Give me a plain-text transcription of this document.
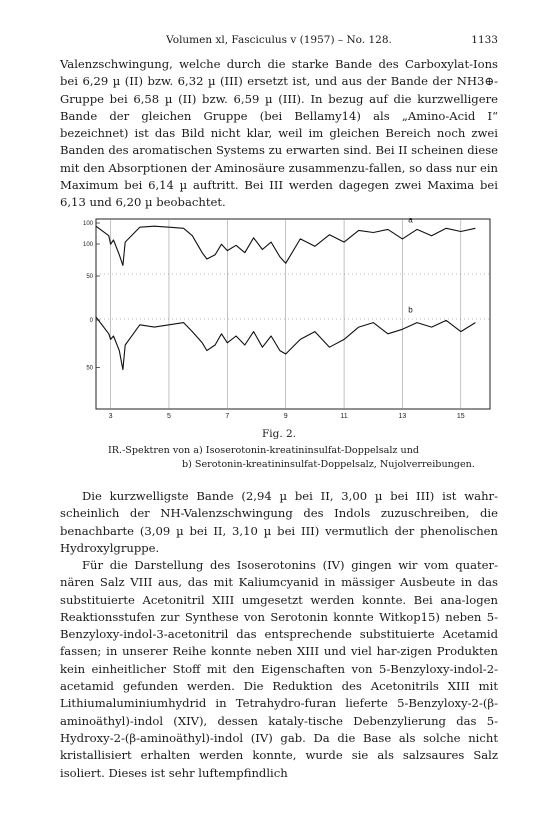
Volumen xl, Fasciculus v (1957) – No. 128.	1133

Valenzschwingung, welche durch die starke Bande des Carboxylat-Ions bei 6,29 µ (II) bzw. 6,32 µ (III) ersetzt ist, und aus der Bande der NH3⊕-Gruppe bei 6,58 µ (II) bzw. 6,59 µ (III). In bezug auf die kurzwelligere Bande der gleichen Gruppe (bei Bellamy14) als „Amino-Acid I“ bezeichnet) ist das Bild nicht klar, weil im gleichen Bereich noch zwei Banden des aromatischen Systems zu erwarten sind. Bei II scheinen diese mit den Absorptionen der Aminosäure zusammenzu-fallen, so dass nur ein Maximum bei 6,14 µ auftritt. Bei III werden dagegen zwei Maxima bei 6,13 und 6,20 µ beobachtet.

100
50
100
0
50
3	5	7	9	11	13	15
a
b
Fig. 2.
IR.-Spektren von a) Isoserotonin-kreatininsulfat-Doppelsalz und
b) Serotonin-kreatininsulfat-Doppelsalz, Nujolverreibungen.

Die kurzwelligste Bande (2,94 µ bei II, 3,00 µ bei III) ist wahr-scheinlich der NH-Valenzschwingung des Indols zuzuschreiben, die benachbarte (3,09 µ bei II, 3,10 µ bei III) vermutlich der phenolischen Hydroxylgruppe.

Für die Darstellung des Isoserotonins (IV) gingen wir vom quater-nären Salz VIII aus, das mit Kaliumcyanid in mässiger Ausbeute in das substituierte Acetonitril XIII umgesetzt werden konnte. Bei ana-logen Reaktionsstufen zur Synthese von Serotonin konnte Witkop15) neben 5-Benzyloxy-indol-3-acetonitril das entsprechende substituierte Acetamid fassen; in unserer Reihe konnte neben XIII und viel har-zigen Produkten kein einheitlicher Stoff mit den Eigenschaften von 5-Benzyloxy-indol-2-acetamid gefunden werden. Die Reduktion des Acetonitrils XIII mit Lithiumaluminiumhydrid in Tetrahydro-furan lieferte 5-Benzyloxy-2-(β-aminoäthyl)-indol (XIV), dessen kataly-tische Debenzylierung das 5-Hydroxy-2-(β-aminoäthyl)-indol (IV) gab. Da die Base als solche nicht kristallisiert erhalten werden konnte, wurde sie als salzsaures Salz isoliert. Dieses ist sehr luftempfindlich
